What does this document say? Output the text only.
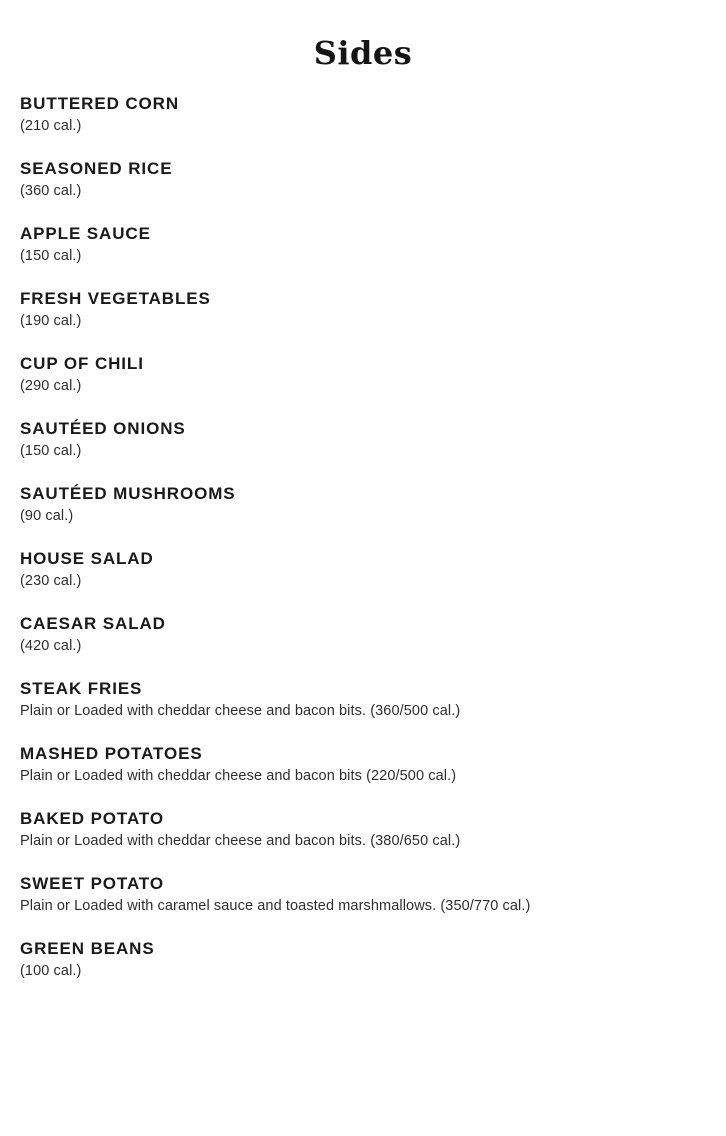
Sides
BUTTERED CORN
(210 cal.)
SEASONED RICE
(360 cal.)
APPLE SAUCE
(150 cal.)
FRESH VEGETABLES
(190 cal.)
CUP OF CHILI
(290 cal.)
SAUTÉED ONIONS
(150 cal.)
SAUTÉED MUSHROOMS
(90 cal.)
HOUSE SALAD
(230 cal.)
CAESAR SALAD
(420 cal.)
STEAK FRIES
Plain or Loaded with cheddar cheese and bacon bits. (360/500 cal.)
MASHED POTATOES
Plain or Loaded with cheddar cheese and bacon bits (220/500 cal.)
BAKED POTATO
Plain or Loaded with cheddar cheese and bacon bits. (380/650 cal.)
SWEET POTATO
Plain or Loaded with caramel sauce and toasted marshmallows. (350/770 cal.)
GREEN BEANS
(100 cal.)
